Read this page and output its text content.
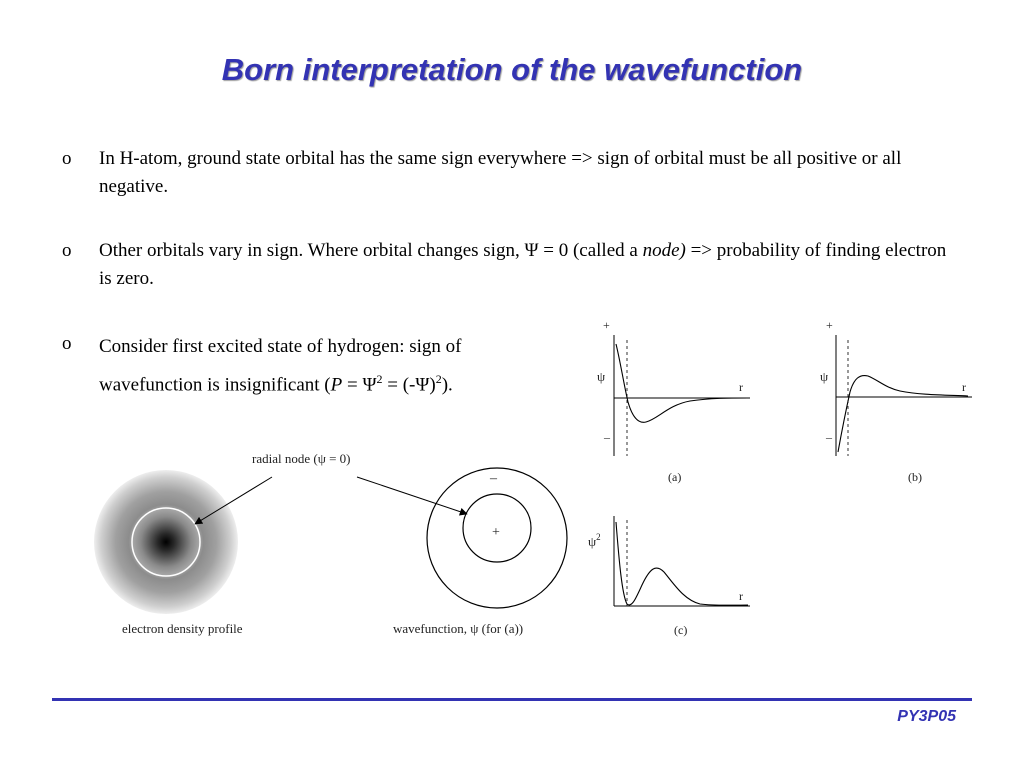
Born interpretation of the wavefunction
o In H-atom, ground state orbital has the same sign everywhere => sign of orbital must be all positive or all negative.
o Other orbitals vary in sign. Where orbital changes sign, Ψ = 0 (called a node) => probability of finding electron is zero.
o Consider first excited state of hydrogen: sign of wavefunction is insignificant $(P = \Psi^2 = (-\Psi)^2)$.
electron density profile
–
+
wavefunction, ψ (for (a))
radial node (ψ = 0)
+
ψ
–
r
(a)
+
ψ
–
r
(b)
$\psi^2$
r
(c)
PY3P05
